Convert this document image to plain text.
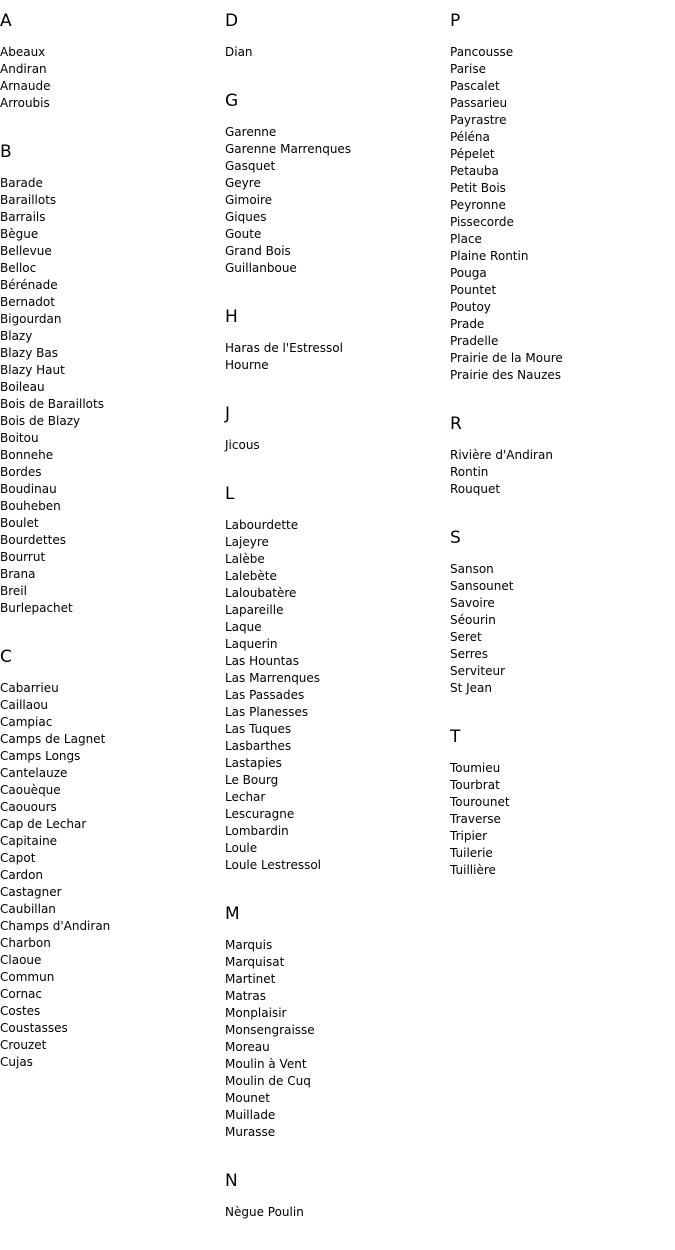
A
Abeaux
Andiran
Arnaude
Arroubis
B
Barade
Baraillots
Barrails
Bègue
Bellevue
Belloc
Bérénade
Bernadot
Bigourdan
Blazy
Blazy Bas
Blazy Haut
Boileau
Bois de Baraillots
Bois de Blazy
Boitou
Bonnehe
Bordes
Boudinau
Bouheben
Boulet
Bourdettes
Bourrut
Brana
Breil
Burlepachet
C
Cabarrieu
Caillaou
Campiac
Camps de Lagnet
Camps Longs
Cantelauze
Caouèque
Caouours
Cap de Lechar
Capitaine
Capot
Cardon
Castagner
Caubillan
Champs d'Andiran
Charbon
Claoue
Commun
Cornac
Costes
Coustasses
Crouzet
Cujas
D
Dian
G
Garenne
Garenne Marrenques
Gasquet
Geyre
Gimoire
Giques
Goute
Grand Bois
Guillanboue
H
Haras de l'Estressol
Hourne
J
Jicous
L
Labourdette
Lajeyre
Lalèbe
Lalebète
Laloubatère
Lapareille
Laque
Laquerin
Las Hountas
Las Marrenques
Las Passades
Las Planesses
Las Tuques
Lasbarthes
Lastapies
Le Bourg
Lechar
Lescuragne
Lombardin
Loule
Loule Lestressol
M
Marquis
Marquisat
Martinet
Matras
Monplaisir
Monsengraisse
Moreau
Moulin à Vent
Moulin de Cuq
Mounet
Muillade
Murasse
N
Nègue Poulin
P
Pancousse
Parise
Pascalet
Passarieu
Payrastre
Péléna
Pépelet
Petauba
Petit Bois
Peyronne
Pissecorde
Place
Plaine Rontin
Pouga
Pountet
Poutoy
Prade
Pradelle
Prairie de la Moure
Prairie des Nauzes
R
Rivière d'Andiran
Rontin
Rouquet
S
Sanson
Sansounet
Savoire
Séourin
Seret
Serres
Serviteur
St Jean
T
Toumieu
Tourbrat
Tourounet
Traverse
Tripier
Tuilerie
Tuillière
